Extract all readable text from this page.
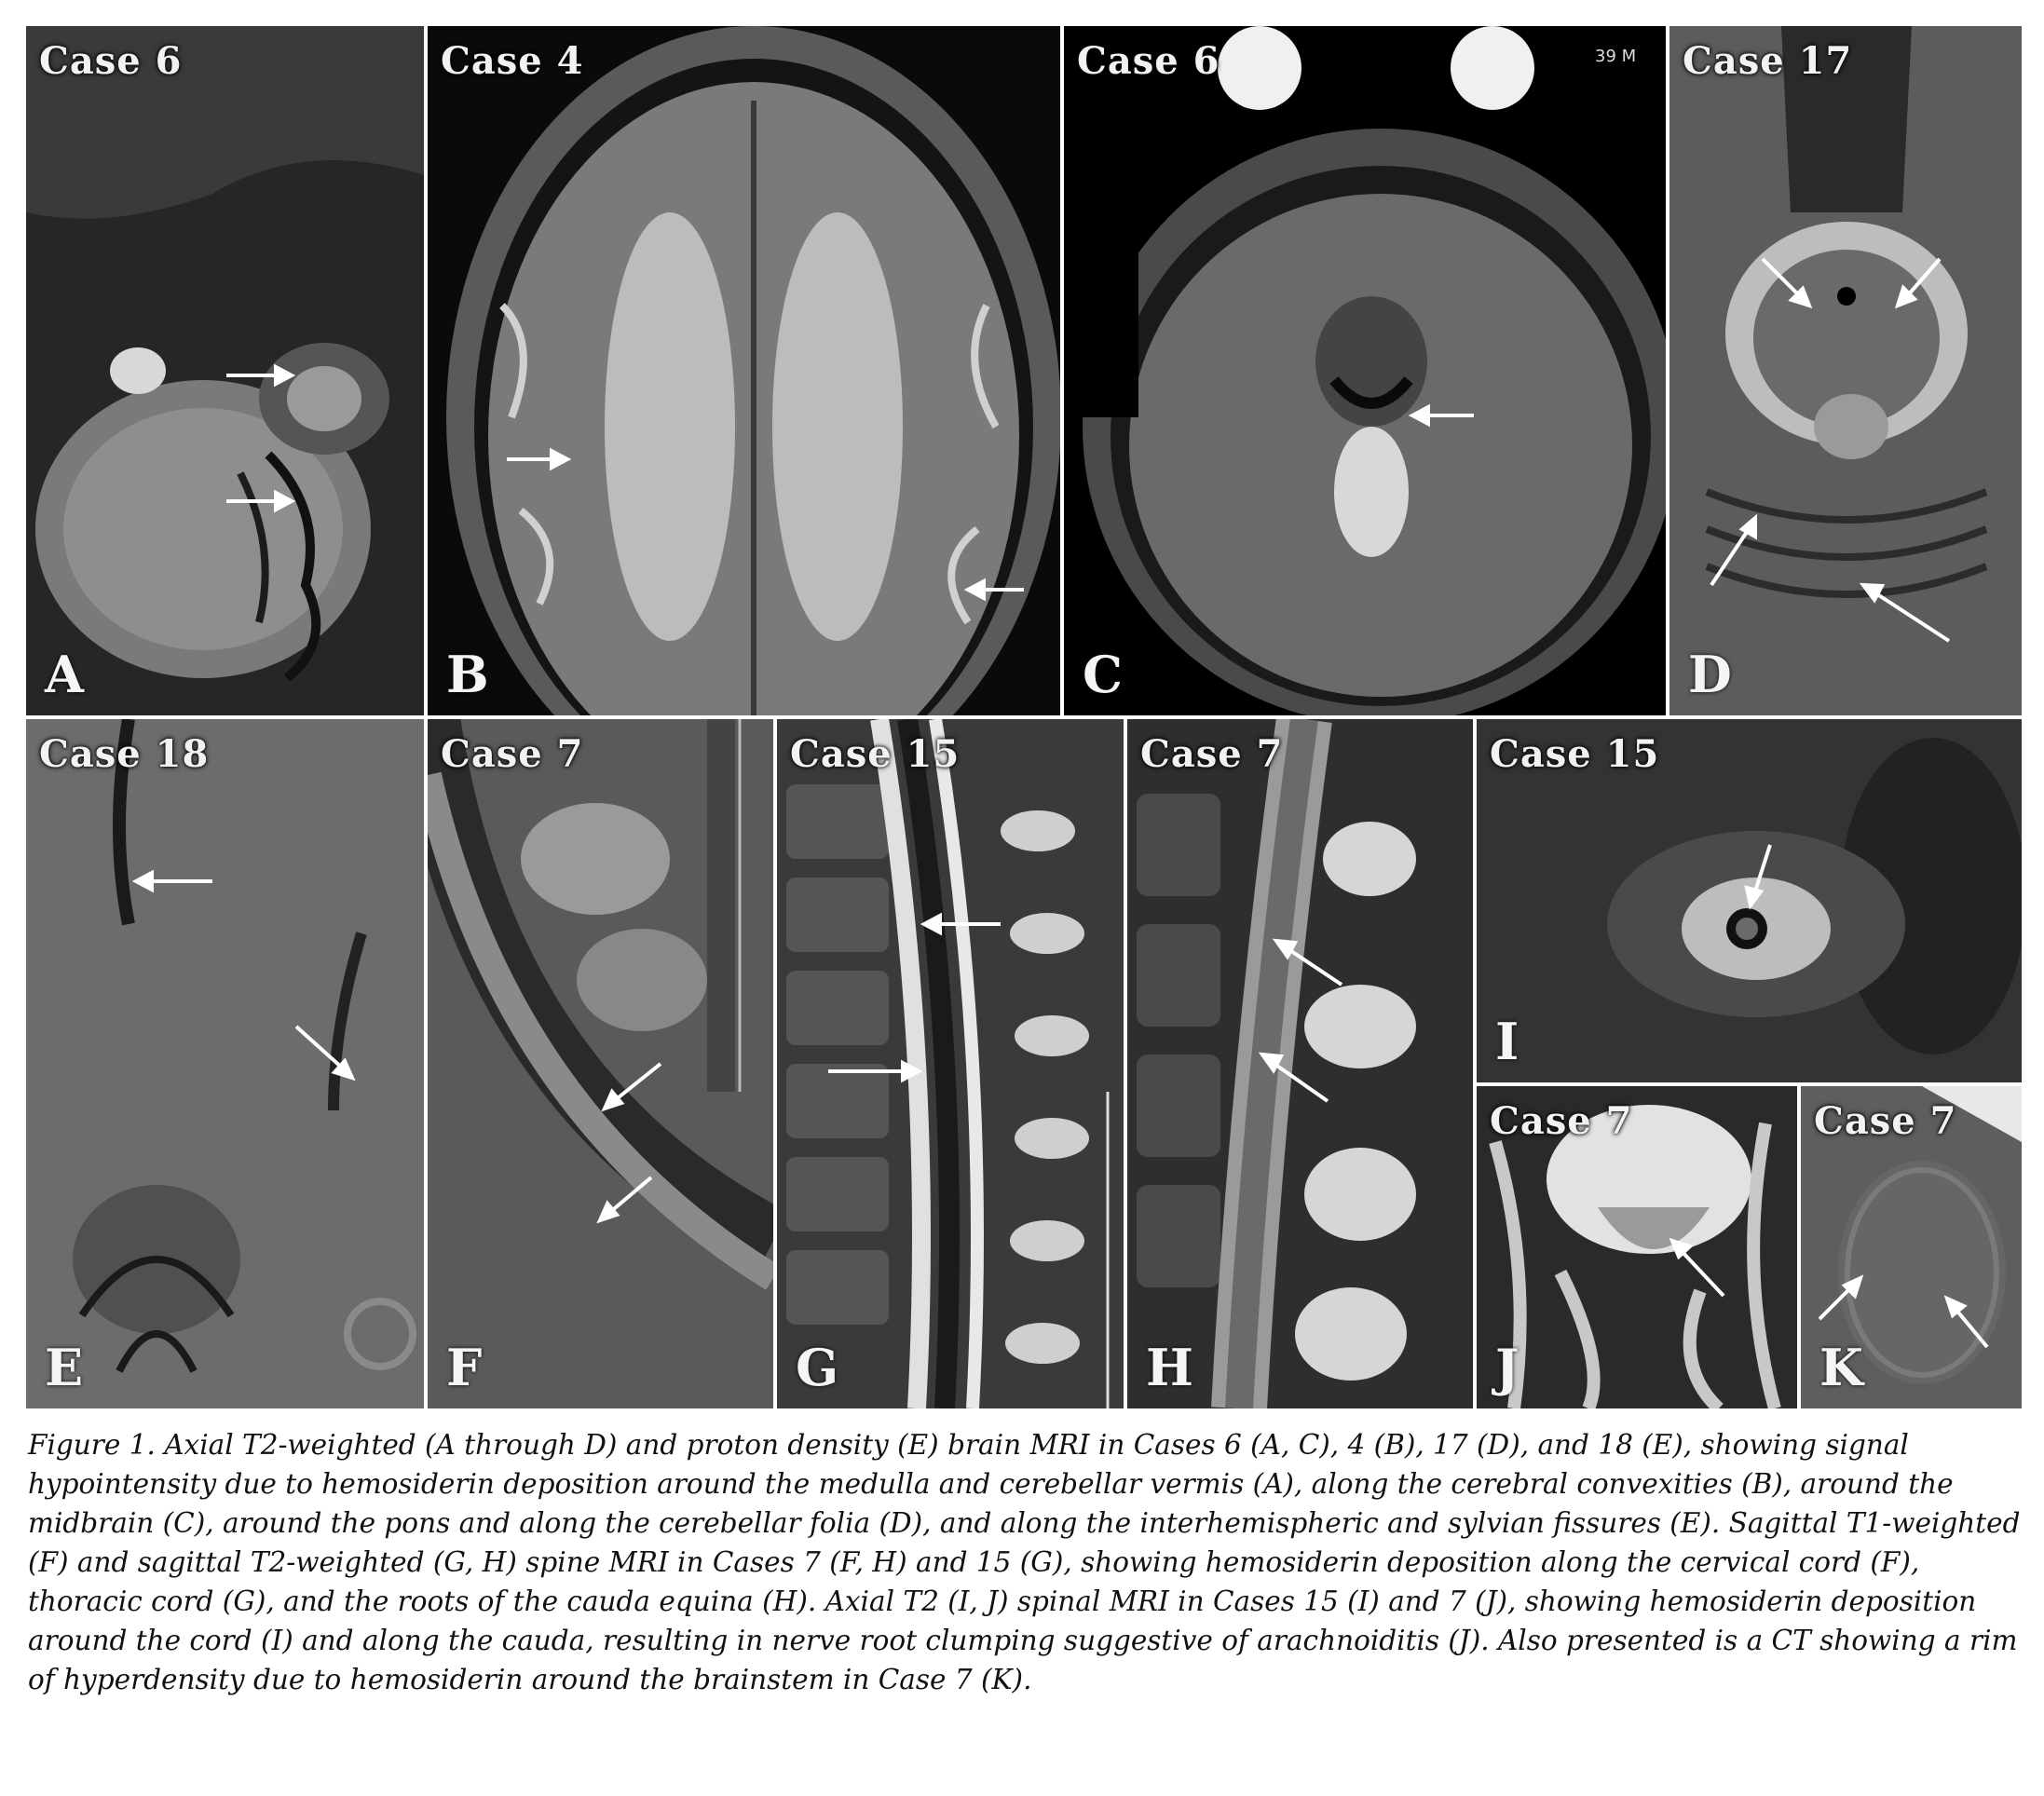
Case 6
A
Case 4
B
39 M
Case 6
C
Case 17
D
Case 18
E
Case 7
F
Case 15
G
Case 7
H
Case 15
I
Case 7
J
Case 7
K

Figure 1. Axial T2-weighted (A through D) and proton density (E) brain MRI in Cases 6 (A, C), 4 (B), 17 (D), and 18 (E), showing signal hypointensity due to hemosiderin deposition around the medulla and cerebellar vermis (A), along the cerebral convexities (B), around the midbrain (C), around the pons and along the cerebellar folia (D), and along the interhemispheric and sylvian fissures (E). Sagittal T1-weighted (F) and sagittal T2-weighted (G, H) spine MRI in Cases 7 (F, H) and 15 (G), showing hemosiderin deposition along the cervical cord (F), thoracic cord (G), and the roots of the cauda equina (H). Axial T2 (I, J) spinal MRI in Cases 15 (I) and 7 (J), showing hemosiderin deposition around the cord (I) and along the cauda, resulting in nerve root clumping suggestive of arachnoiditis (J). Also presented is a CT showing a rim of hyperdensity due to hemosiderin around the brainstem in Case 7 (K).
